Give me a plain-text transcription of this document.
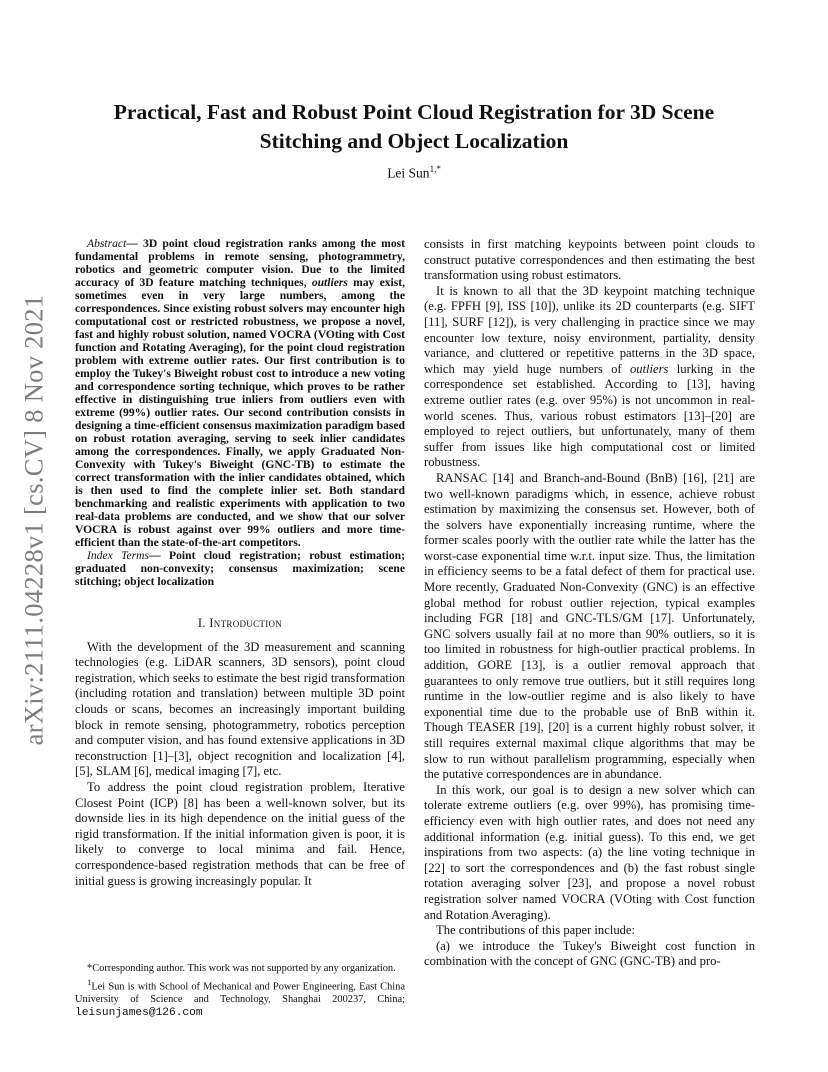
arXiv:2111.04228v1 [cs.CV] 8 Nov 2021
Practical, Fast and Robust Point Cloud Registration for 3D Scene Stitching and Object Localization
Lei Sun$^{1,*}$

Abstract— 3D point cloud registration ranks among the most fundamental problems in remote sensing, photogrammetry, robotics and geometric computer vision. Due to the limited accuracy of 3D feature matching techniques, outliers may exist, sometimes even in very large numbers, among the correspondences. Since existing robust solvers may encounter high computational cost or restricted robustness, we propose a novel, fast and highly robust solution, named VOCRA (VOting with Cost function and Rotating Averaging), for the point cloud registration problem with extreme outlier rates. Our first contribution is to employ the Tukey's Biweight robust cost to introduce a new voting and correspondence sorting technique, which proves to be rather effective in distinguishing true inliers from outliers even with extreme (99%) outlier rates. Our second contribution consists in designing a time-efficient consensus maximization paradigm based on robust rotation averaging, serving to seek inlier candidates among the correspondences. Finally, we apply Graduated Non-Convexity with Tukey's Biweight (GNC-TB) to estimate the correct transformation with the inlier candidates obtained, which is then used to find the complete inlier set. Both standard benchmarking and realistic experiments with application to two real-data problems are conducted, and we show that our solver VOCRA is robust against over 99% outliers and more time-efficient than the state-of-the-art competitors.

Index Terms— Point cloud registration; robust estimation; graduated non-convexity; consensus maximization; scene stitching; object localization

I. Introduction

With the development of the 3D measurement and scanning technologies (e.g. LiDAR scanners, 3D sensors), point cloud registration, which seeks to estimate the best rigid transformation (including rotation and translation) between multiple 3D point clouds or scans, becomes an increasingly important building block in remote sensing, photogrammetry, robotics perception and computer vision, and has found extensive applications in 3D reconstruction [1]–[3], object recognition and localization [4], [5], SLAM [6], medical imaging [7], etc.

To address the point cloud registration problem, Iterative Closest Point (ICP) [8] has been a well-known solver, but its downside lies in its high dependence on the initial guess of the rigid transformation. If the initial information given is poor, it is likely to converge to local minima and fail. Hence, correspondence-based registration methods that can be free of initial guess is growing increasingly popular. It

*Corresponding author. This work was not supported by any organization.

$^1$Lei Sun is with School of Mechanical and Power Engineering, East China University of Science and Technology, Shanghai 200237, China; leisunjames@126.com

consists in first matching keypoints between point clouds to construct putative correspondences and then estimating the best transformation using robust estimators.

It is known to all that the 3D keypoint matching technique (e.g. FPFH [9], ISS [10]), unlike its 2D counterparts (e.g. SIFT [11], SURF [12]), is very challenging in practice since we may encounter low texture, noisy environment, partiality, density variance, and cluttered or repetitive patterns in the 3D space, which may yield huge numbers of outliers lurking in the correspondence set established. According to [13], having extreme outlier rates (e.g. over 95%) is not uncommon in real-world scenes. Thus, various robust estimators [13]–[20] are employed to reject outliers, but unfortunately, many of them suffer from issues like high computational cost or limited robustness.

RANSAC [14] and Branch-and-Bound (BnB) [16], [21] are two well-known paradigms which, in essence, achieve robust estimation by maximizing the consensus set. However, both of the solvers have exponentially increasing runtime, where the former scales poorly with the outlier rate while the latter has the worst-case exponential time w.r.t. input size. Thus, the limitation in efficiency seems to be a fatal defect of them for practical use. More recently, Graduated Non-Convexity (GNC) is an effective global method for robust outlier rejection, typical examples including FGR [18] and GNC-TLS/GM [17]. Unfortunately, GNC solvers usually fail at no more than 90% outliers, so it is too limited in robustness for high-outlier practical problems. In addition, GORE [13], is a outlier removal approach that guarantees to only remove true outliers, but it still requires long runtime in the low-outlier regime and is also likely to have exponential time due to the probable use of BnB within it. Though TEASER [19], [20] is a current highly robust solver, it still requires external maximal clique algorithms that may be slow to run without parallelism programming, especially when the putative correspondences are in abundance.

In this work, our goal is to design a new solver which can tolerate extreme outliers (e.g. over 99%), has promising time-efficiency even with high outlier rates, and does not need any additional information (e.g. initial guess). To this end, we get inspirations from two aspects: (a) the line voting technique in [22] to sort the correspondences and (b) the fast robust single rotation averaging solver [23], and propose a novel robust registration solver named VOCRA (VOting with Cost function and Rotation Averaging).

The contributions of this paper include:

(a) we introduce the Tukey's Biweight cost function in combination with the concept of GNC (GNC-TB) and pro-
